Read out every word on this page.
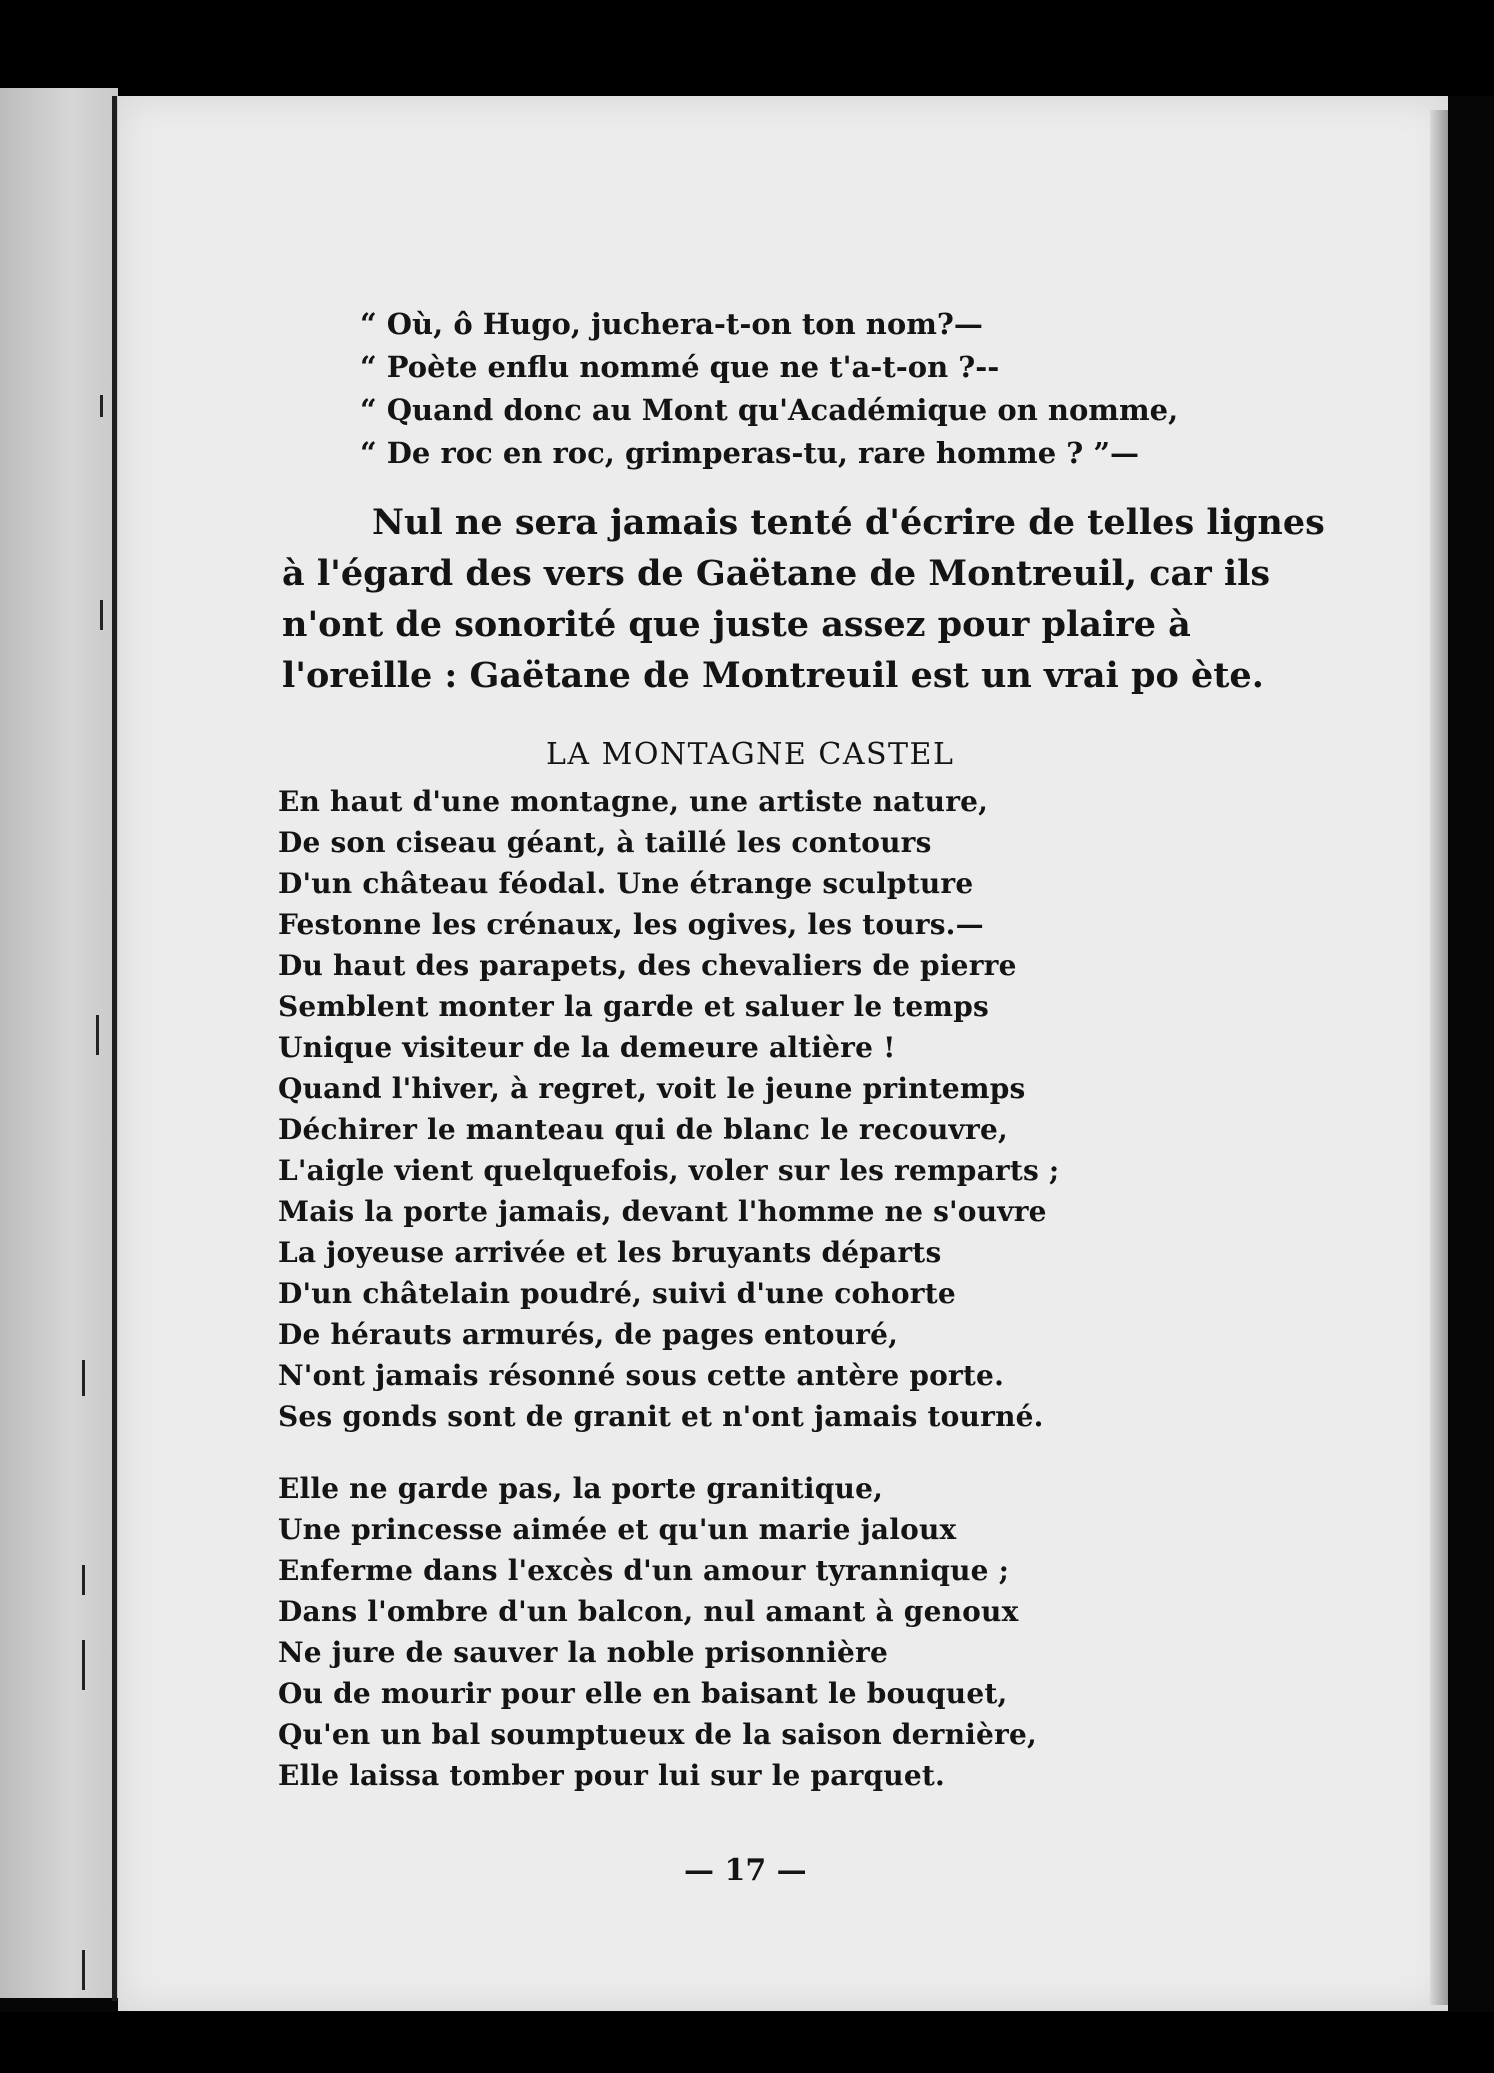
“ Où, ô Hugo, juchera-t-on ton nom?—

“ Poète enflu nommé que ne t'a-t-on ?--

“ Quand donc au Mont qu'Académique on nomme,

“ De roc en roc, grimperas-tu, rare homme ? ”—

Nul ne sera jamais tenté d'écrire de telles lignes

à l'égard des vers de Gaëtane de Montreuil, car ils

n'ont de sonorité que juste assez pour plaire à

l'oreille : Gaëtane de Montreuil est un vrai po ète.

LA MONTAGNE CASTEL

En haut d'une montagne, une artiste nature,

De son ciseau géant, à taillé les contours

D'un château féodal. Une étrange sculpture

Festonne les crénaux, les ogives, les tours.—

Du haut des parapets, des chevaliers de pierre

Semblent monter la garde et saluer le temps

Unique visiteur de la demeure altière !

Quand l'hiver, à regret, voit le jeune printemps

Déchirer le manteau qui de blanc le recouvre,

L'aigle vient quelquefois, voler sur les remparts ;

Mais la porte jamais, devant l'homme ne s'ouvre

La joyeuse arrivée et les bruyants départs

D'un châtelain poudré, suivi d'une cohorte

De hérauts armurés, de pages entouré,

N'ont jamais résonné sous cette antère porte.

Ses gonds sont de granit et n'ont jamais tourné.

Elle ne garde pas, la porte granitique,

Une princesse aimée et qu'un marie jaloux

Enferme dans l'excès d'un amour tyrannique ;

Dans l'ombre d'un balcon, nul amant à genoux

Ne jure de sauver la noble prisonnière

Ou de mourir pour elle en baisant le bouquet,

Qu'en un bal soumptueux de la saison dernière,

Elle laissa tomber pour lui sur le parquet.

— 17 —
